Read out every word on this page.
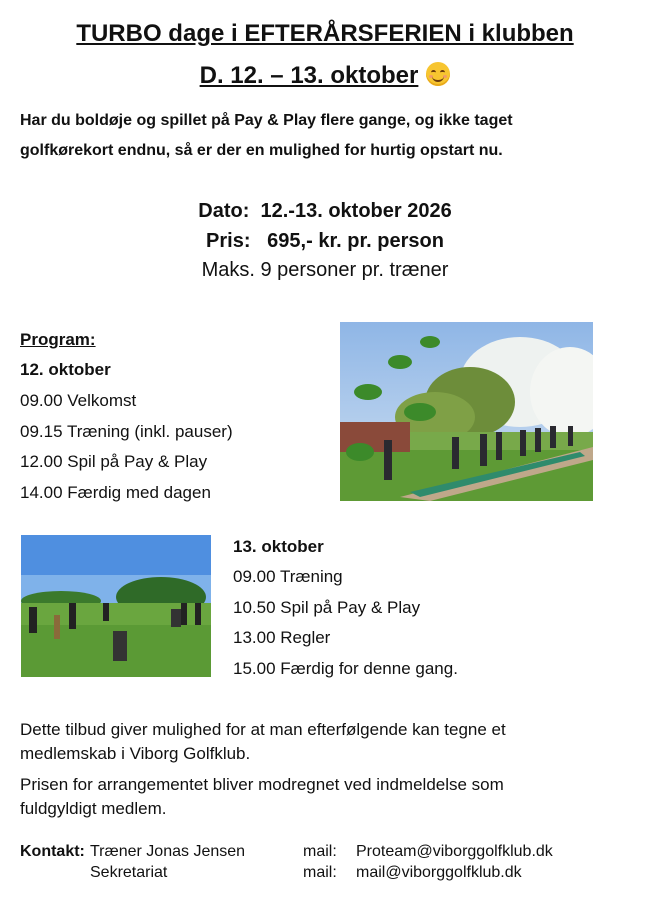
TURBO dage i EFTERÅRSFERIEN i klubben
D. 12. – 13. oktober
Har du boldøje og spillet på Pay & Play flere gange, og ikke taget
golfkørekort endnu, så er der en mulighed for hurtig opstart nu.
Dato:  12.-13. oktober 2026
Pris:   695,- kr. pr. person
Maks. 9 personer pr. træner
Program:
12. oktober
09.00 Velkomst
09.15 Træning (inkl. pauser)
12.00 Spil på Pay & Play
14.00 Færdig med dagen
13. oktober
09.00 Træning
10.50 Spil på Pay & Play
13.00 Regler
15.00 Færdig for denne gang.
Dette tilbud giver mulighed for at man efterfølgende kan tegne et
medlemskab i Viborg Golfklub.
Prisen for arrangementet bliver modregnet ved indmeldelse som
fuldgyldigt medlem.
Kontakt: Træner Jonas Jensen
Sekretariat
mail:
mail:
Proteam@viborggolfklub.dk
mail@viborggolfklub.dk
